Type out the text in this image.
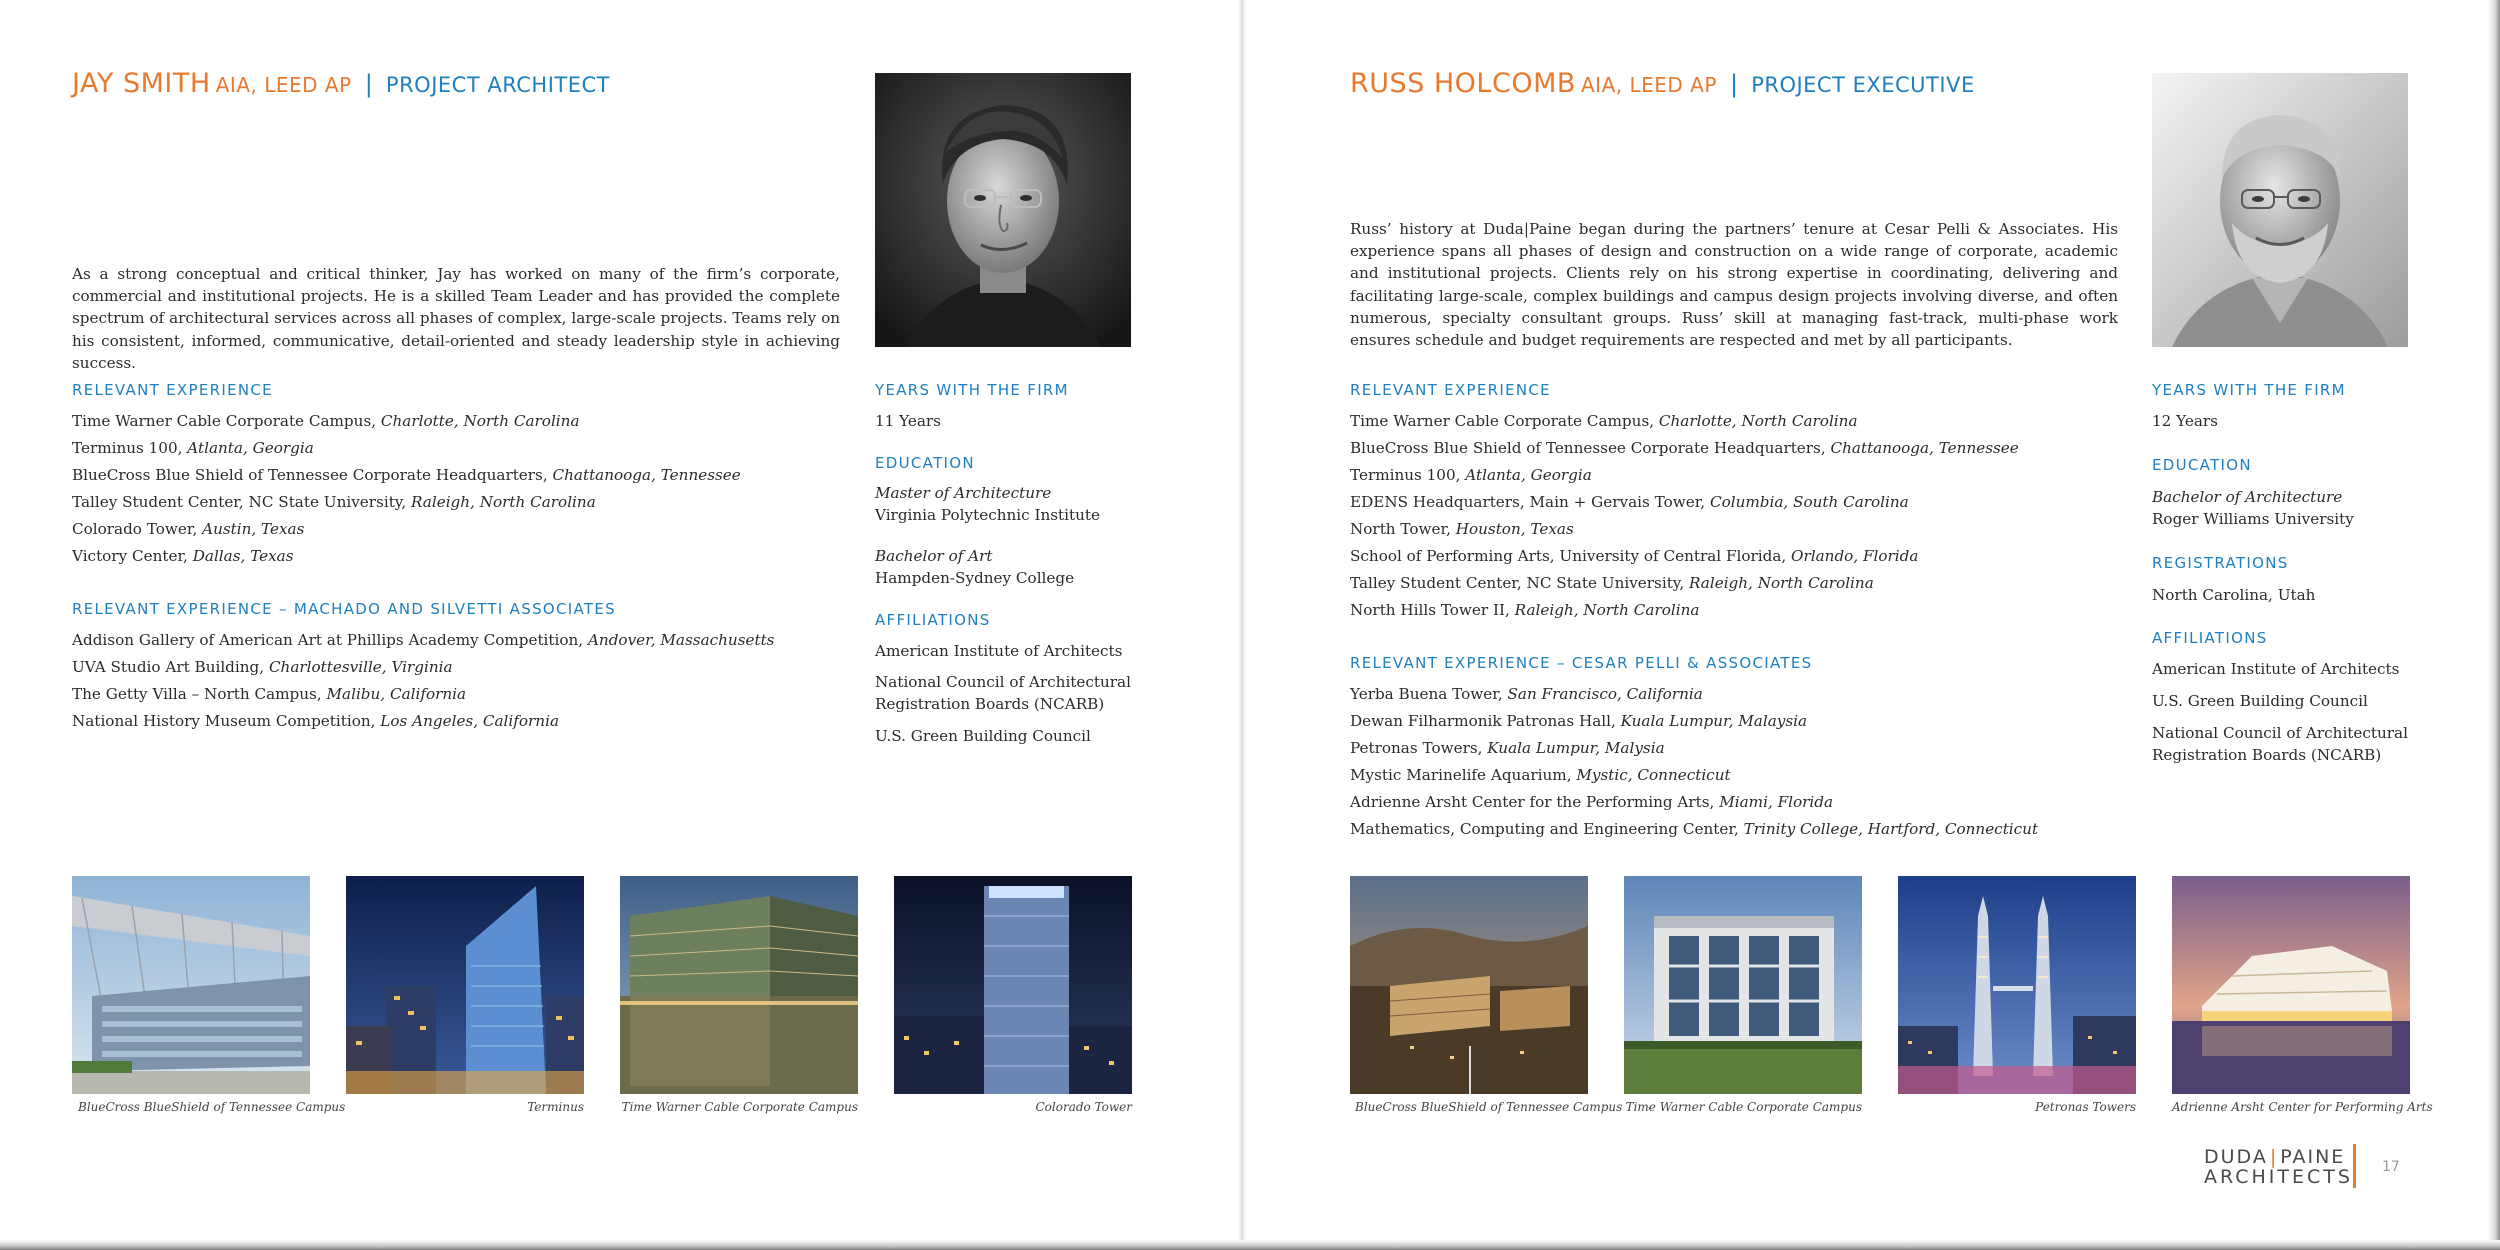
JAY SMITH AIA, LEED AP | PROJECT ARCHITECT
As a strong conceptual and critical thinker, Jay has worked on many of the firm’s corporate, commercial and institutional projects. He is a skilled Team Leader and has provided the complete spectrum of architectural services across all phases of complex, large-scale projects. Teams rely on his consistent, informed, communicative, detail-oriented and steady leadership style in achieving success.
RELEVANT EXPERIENCE
Time Warner Cable Corporate Campus, Charlotte, North Carolina
Terminus 100, Atlanta, Georgia
BlueCross Blue Shield of Tennessee Corporate Headquarters, Chattanooga, Tennessee
Talley Student Center, NC State University, Raleigh, North Carolina
Colorado Tower, Austin, Texas
Victory Center, Dallas, Texas
RELEVANT EXPERIENCE – MACHADO AND SILVETTI ASSOCIATES
Addison Gallery of American Art at Phillips Academy Competition, Andover, Massachusetts
UVA Studio Art Building, Charlottesville, Virginia
The Getty Villa – North Campus, Malibu, California
National History Museum Competition, Los Angeles, California
YEARS WITH THE FIRM
11 Years
EDUCATION
Master of Architecture
Virginia Polytechnic Institute
Bachelor of Art
Hampden-Sydney College
AFFILIATIONS
American Institute of Architects
National Council of Architectural
Registration Boards (NCARB)
U.S. Green Building Council
BlueCross BlueShield of Tennessee Campus	Terminus	Time Warner Cable Corporate Campus	Colorado Tower
RUSS HOLCOMB AIA, LEED AP | PROJECT EXECUTIVE
Russ’ history at Duda|Paine began during the partners’ tenure at Cesar Pelli & Associates. His experience spans all phases of design and construction on a wide range of corporate, academic and institutional projects. Clients rely on his strong expertise in coordinating, delivering and facilitating large-scale, complex buildings and campus design projects involving diverse, and often numerous, specialty consultant groups. Russ’ skill at managing fast-track, multi-phase work ensures schedule and budget requirements are respected and met by all participants.
RELEVANT EXPERIENCE
Time Warner Cable Corporate Campus, Charlotte, North Carolina
BlueCross Blue Shield of Tennessee Corporate Headquarters, Chattanooga, Tennessee
Terminus 100, Atlanta, Georgia
EDENS Headquarters, Main + Gervais Tower, Columbia, South Carolina
North Tower, Houston, Texas
School of Performing Arts, University of Central Florida, Orlando, Florida
Talley Student Center, NC State University, Raleigh, North Carolina
North Hills Tower II, Raleigh, North Carolina
RELEVANT EXPERIENCE – CESAR PELLI & ASSOCIATES
Yerba Buena Tower, San Francisco, California
Dewan Filharmonik Patronas Hall, Kuala Lumpur, Malaysia
Petronas Towers, Kuala Lumpur, Malysia
Mystic Marinelife Aquarium, Mystic, Connecticut
Adrienne Arsht Center for the Performing Arts, Miami, Florida
Mathematics, Computing and Engineering Center, Trinity College, Hartford, Connecticut
YEARS WITH THE FIRM
12 Years
EDUCATION
Bachelor of Architecture
Roger Williams University
REGISTRATIONS
North Carolina, Utah
AFFILIATIONS
American Institute of Architects
U.S. Green Building Council
National Council of Architectural
Registration Boards (NCARB)
BlueCross BlueShield of Tennessee Campus Time Warner Cable Corporate Campus	Petronas Towers	Adrienne Arsht Center for Performing Arts
DUDA | PAINE
ARCHITECTS 17
